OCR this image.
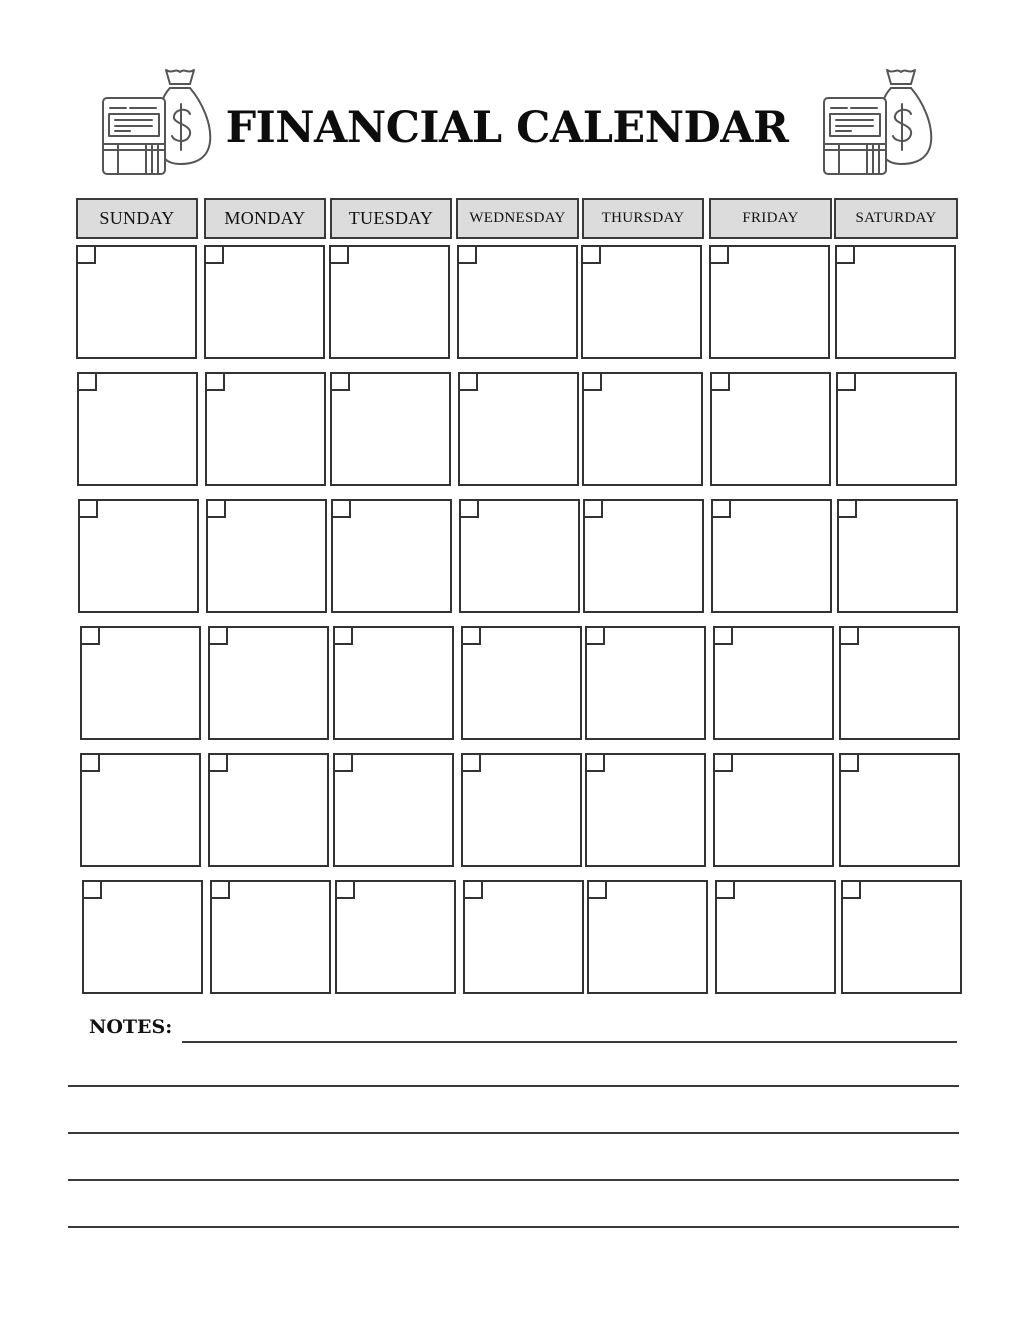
FINANCIAL CALENDAR
SUNDAY	MONDAY	TUESDAY	WEDNESDAY	THURSDAY	FRIDAY	SATURDAY
NOTES:
